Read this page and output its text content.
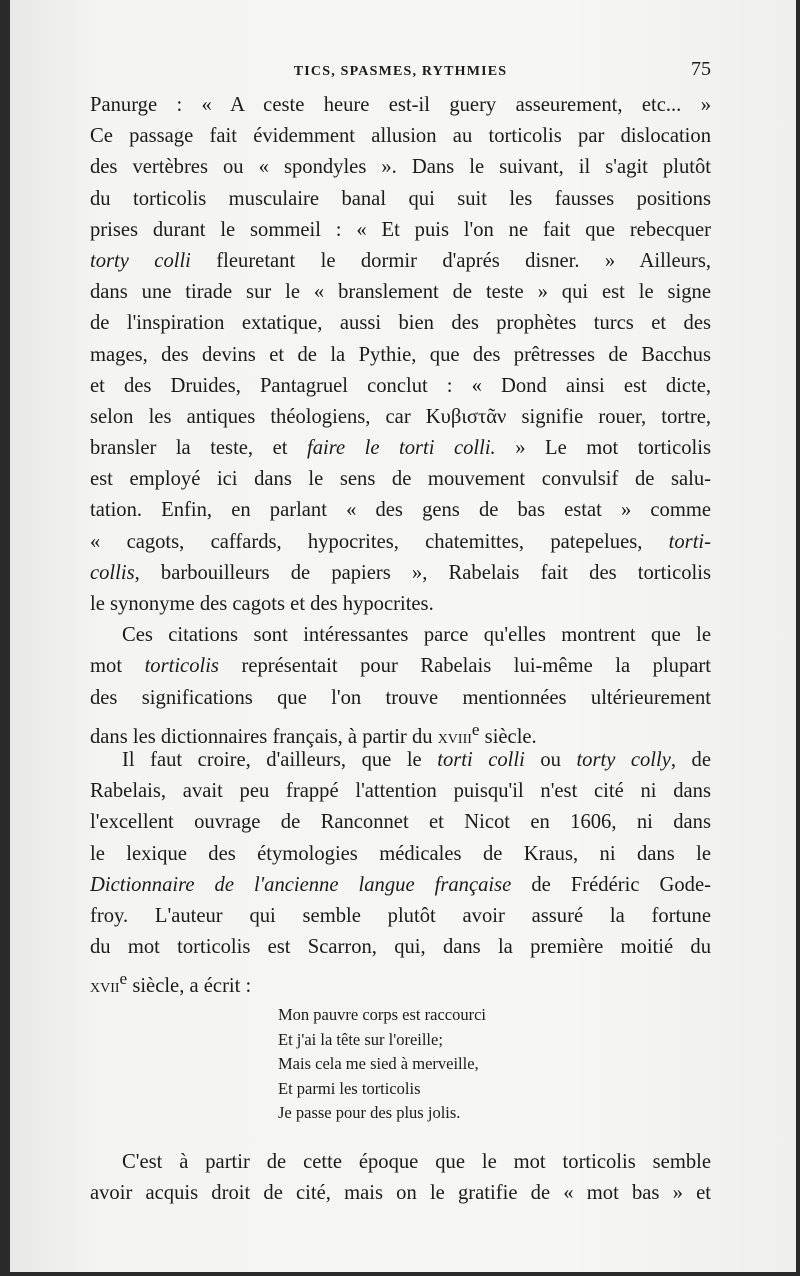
TICS, SPASMES, RYTHMIES	75
Panurge : « A ceste heure est-il guery asseurement, etc... »
Ce passage fait évidemment allusion au torticolis par dislocation
des vertèbres ou « spondyles ». Dans le suivant, il s'agit plutôt
du torticolis musculaire banal qui suit les fausses positions
prises durant le sommeil : « Et puis l'on ne fait que rebecquer
torty colli fleuretant le dormir d'aprés disner. » Ailleurs,
dans une tirade sur le « branslement de teste » qui est le signe
de l'inspiration extatique, aussi bien des prophètes turcs et des
mages, des devins et de la Pythie, que des prêtresses de Bacchus
et des Druides, Pantagruel conclut : « Dond ainsi est dicte,
selon les antiques théologiens, car Κυβιστᾶν signifie rouer, tortre,
bransler la teste, et faire le torti colli. » Le mot torticolis
est employé ici dans le sens de mouvement convulsif de salu-
tation. Enfin, en parlant « des gens de bas estat » comme
« cagots, caffards, hypocrites, chatemittes, patepelues, torti-
collis, barbouilleurs de papiers », Rabelais fait des torticolis
le synonyme des cagots et des hypocrites.
Ces citations sont intéressantes parce qu'elles montrent que le
mot torticolis représentait pour Rabelais lui-même la plupart
des significations que l'on trouve mentionnées ultérieurement
dans les dictionnaires français, à partir du xviii$^e$ siècle.
Il faut croire, d'ailleurs, que le torti colli ou torty colly, de
Rabelais, avait peu frappé l'attention puisqu'il n'est cité ni dans
l'excellent ouvrage de Ranconnet et Nicot en 1606, ni dans
le lexique des étymologies médicales de Kraus, ni dans le
Dictionnaire de l'ancienne langue française de Frédéric Gode-
froy. L'auteur qui semble plutôt avoir assuré la fortune
du mot torticolis est Scarron, qui, dans la première moitié du
xvii$^e$ siècle, a écrit :
Mon pauvre corps est raccourci
Et j'ai la tête sur l'oreille;
Mais cela me sied à merveille,
Et parmi les torticolis
Je passe pour des plus jolis.
C'est à partir de cette époque que le mot torticolis semble
avoir acquis droit de cité, mais on le gratifie de « mot bas » et
